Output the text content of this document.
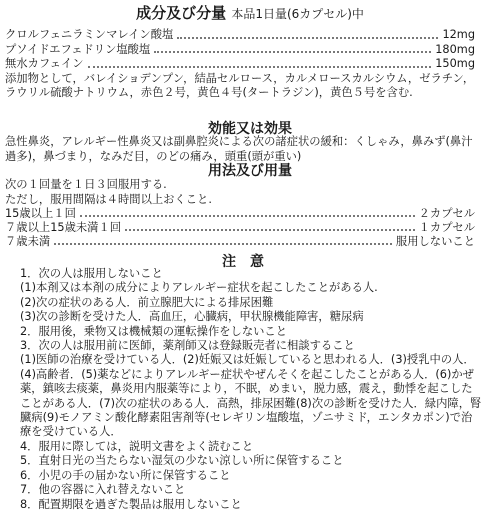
成分及び分量 本品1日量(6カプセル)中
クロルフェニラミンマレイン酸塩	12mg
プソイドエフェドリン塩酸塩	180mg
無水カフェイン	150mg

添加物として，バレイショデンプン，結晶セルロース，カルメロースカルシウム，ゼラチン，ラウリル硫酸ナトリウム，赤色２号，黄色４号(タートラジン)，黄色５号を含む.

効能又は効果

急性鼻炎，アレルギー性鼻炎又は副鼻腔炎による次の諸症状の緩和：くしゃみ，鼻みず(鼻汁過多)，鼻づまり，なみだ目，のどの痛み，頭重(頭が重い)

用法及び用量

次の１回量を１日３回服用する.

ただし，服用間隔は４時間以上おくこと.

15歳以上１回	２カプセル
７歳以上15歳未満１回	１カプセル
７歳未満	服用しないこと
注意

1．次の人は服用しないこと

(1)本剤又は本剤の成分によりアレルギー症状を起こしたことがある人.

(2)次の症状のある人．前立腺肥大による排尿困難

(3)次の診断を受けた人．高血圧，心臓病，甲状腺機能障害，糖尿病

2．服用後，乗物又は機械類の運転操作をしないこと

3．次の人は服用前に医師，薬剤師又は登録販売者に相談すること

(1)医師の治療を受けている人．(2)妊娠又は妊娠していると思われる人．(3)授乳中の人．(4)高齢者．(5)薬などによりアレルギー症状やぜんそくを起こしたことがある人．(6)かぜ薬，鎮咳去痰薬，鼻炎用内服薬等により，不眠，めまい，脱力感，震え，動悸を起こしたことがある人．(7)次の症状のある人．高熱，排尿困難(8)次の診断を受けた人．緑内障，腎臓病(9)モノアミン酸化酵素阻害剤等(セレギリン塩酸塩，ゾニサミド，エンタカポン)で治療を受けている人．

4．服用に際しては，説明文書をよく読むこと

5．直射日光の当たらない湿気の少ない涼しい所に保管すること

6．小児の手の届かない所に保管すること

7．他の容器に入れ替えないこと

8．配置期限を過ぎた製品は服用しないこと
